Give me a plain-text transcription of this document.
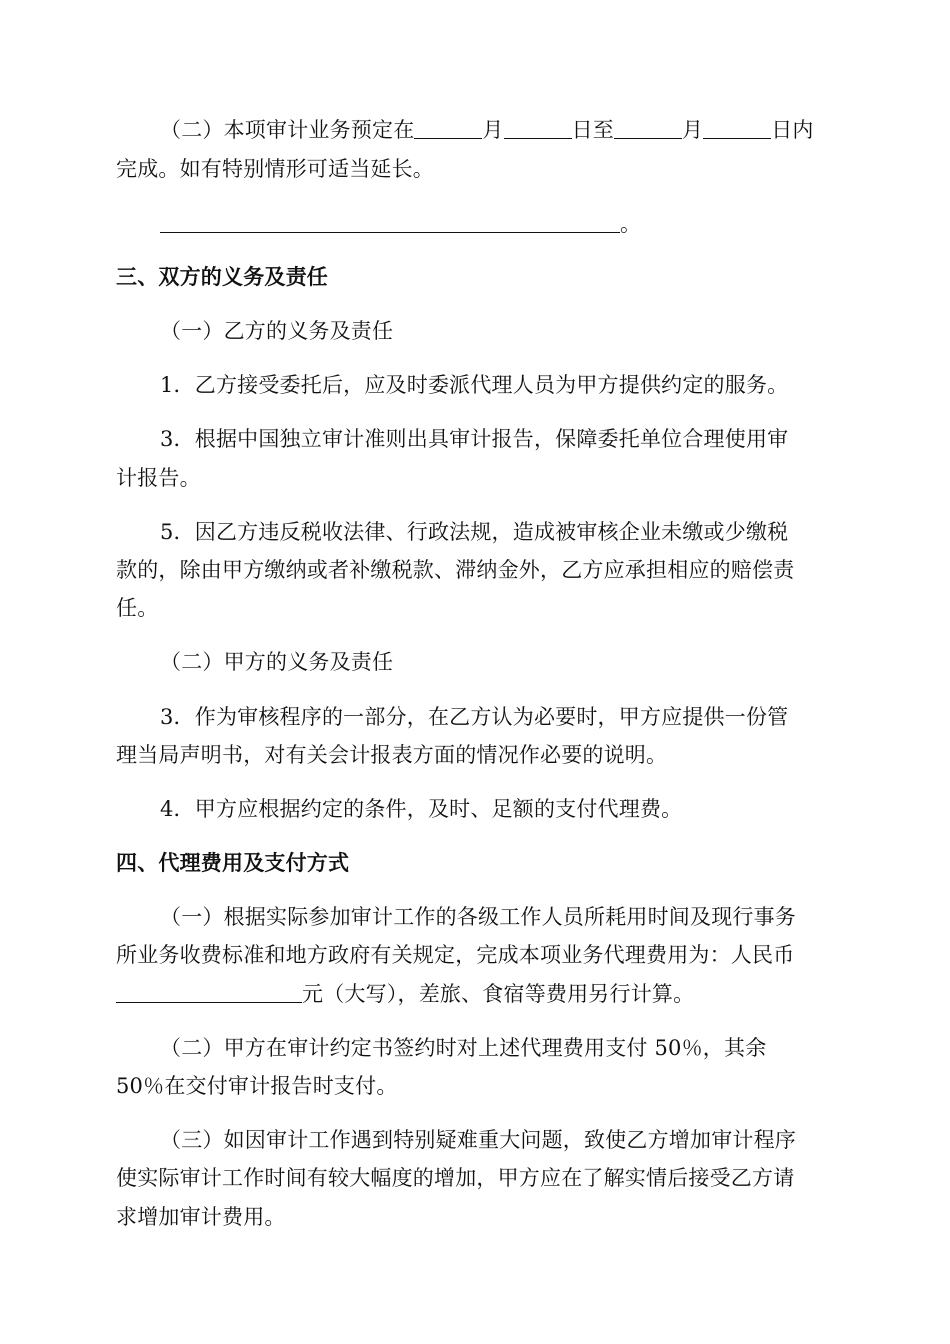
（二）本项审计业务预定在	月	日至	月	日内
完成。如有特别情形可适当延长。
。
三、双方的义务及责任
（一）乙方的义务及责任
1．乙方接受委托后，应及时委派代理人员为甲方提供约定的服务。
3．根据中国独立审计准则出具审计报告，保障委托单位合理使用审
计报告。
5．因乙方违反税收法律、行政法规，造成被审核企业未缴或少缴税
款的，除由甲方缴纳或者补缴税款、滞纳金外，乙方应承担相应的赔偿责
任。
（二）甲方的义务及责任
3．作为审核程序的一部分，在乙方认为必要时，甲方应提供一份管
理当局声明书，对有关会计报表方面的情况作必要的说明。
4．甲方应根据约定的条件，及时、足额的支付代理费。
四、代理费用及支付方式
（一）根据实际参加审计工作的各级工作人员所耗用时间及现行事务
所业务收费标准和地方政府有关规定，完成本项业务代理费用为：人民币
元（大写），差旅、食宿等费用另行计算。
（二）甲方在审计约定书签约时对上述代理费用支付 50％，其余
50％在交付审计报告时支付。
（三）如因审计工作遇到特别疑难重大问题，致使乙方增加审计程序
使实际审计工作时间有较大幅度的增加，甲方应在了解实情后接受乙方请
求增加审计费用。
